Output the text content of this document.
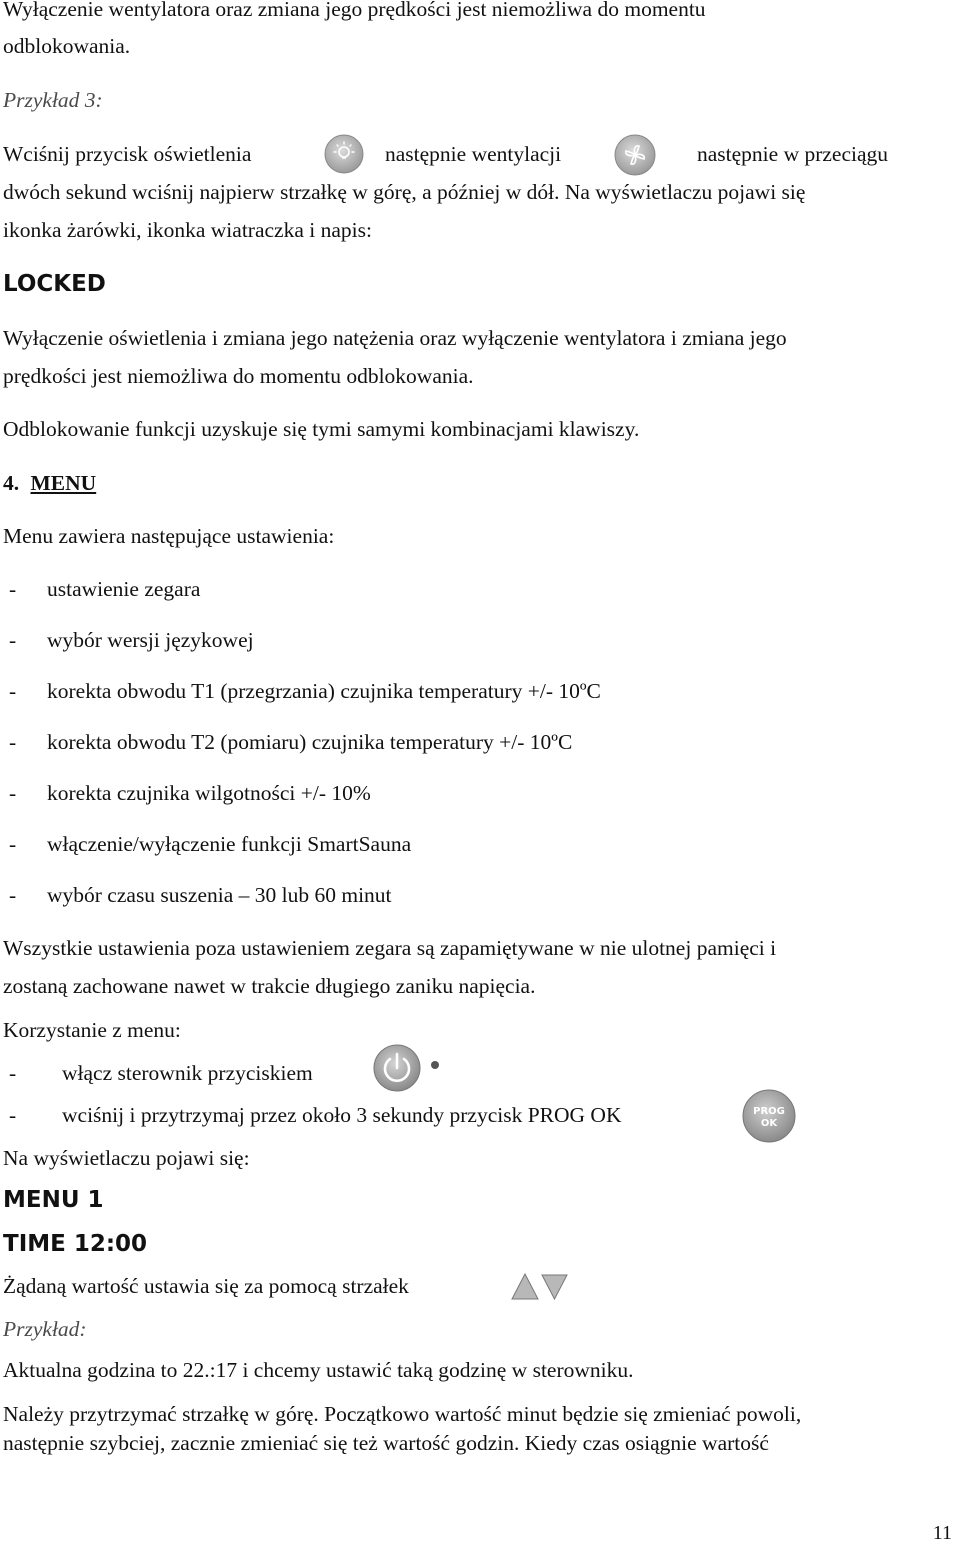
Wyłączenie wentylatora oraz zmiana jego prędkości jest niemożliwa do momentu
odblokowania.
Przykład 3:
Wciśnij przycisk oświetlenia	następnie wentylacji	następnie w przeciągu
dwóch sekund wciśnij najpierw strzałkę w górę, a później w dół. Na wyświetlaczu pojawi się
ikonka żarówki, ikonka wiatraczka i napis:
LOCKED
Wyłączenie oświetlenia i zmiana jego natężenia oraz wyłączenie wentylatora i zmiana jego
prędkości jest niemożliwa do momentu odblokowania.
Odblokowanie funkcji uzyskuje się tymi samymi kombinacjami klawiszy.
4. MENU
Menu zawiera następujące ustawienia:
- ustawienie zegara
- wybór wersji językowej
- korekta obwodu T1 (przegrzania) czujnika temperatury +/- 10ºC
- korekta obwodu T2 (pomiaru) czujnika temperatury +/- 10ºC
- korekta czujnika wilgotności +/- 10%
- włączenie/wyłączenie funkcji SmartSauna
- wybór czasu suszenia – 30 lub 60 minut
Wszystkie ustawienia poza ustawieniem zegara są zapamiętywane w nie ulotnej pamięci i
zostaną zachowane nawet w trakcie długiego zaniku napięcia.
Korzystanie z menu:
- włącz sterownik przyciskiem
- wciśnij i przytrzymaj przez około 3 sekundy przycisk PROG OK	PROG
OK
Na wyświetlaczu pojawi się:
MENU 1
TIME 12:00
Żądaną wartość ustawia się za pomocą strzałek
Przykład:
Aktualna godzina to 22.:17 i chcemy ustawić taką godzinę w sterowniku.
Należy przytrzymać strzałkę w górę. Początkowo wartość minut będzie się zmieniać powoli,
następnie szybciej, zacznie zmieniać się też wartość godzin. Kiedy czas osiągnie wartość
11
